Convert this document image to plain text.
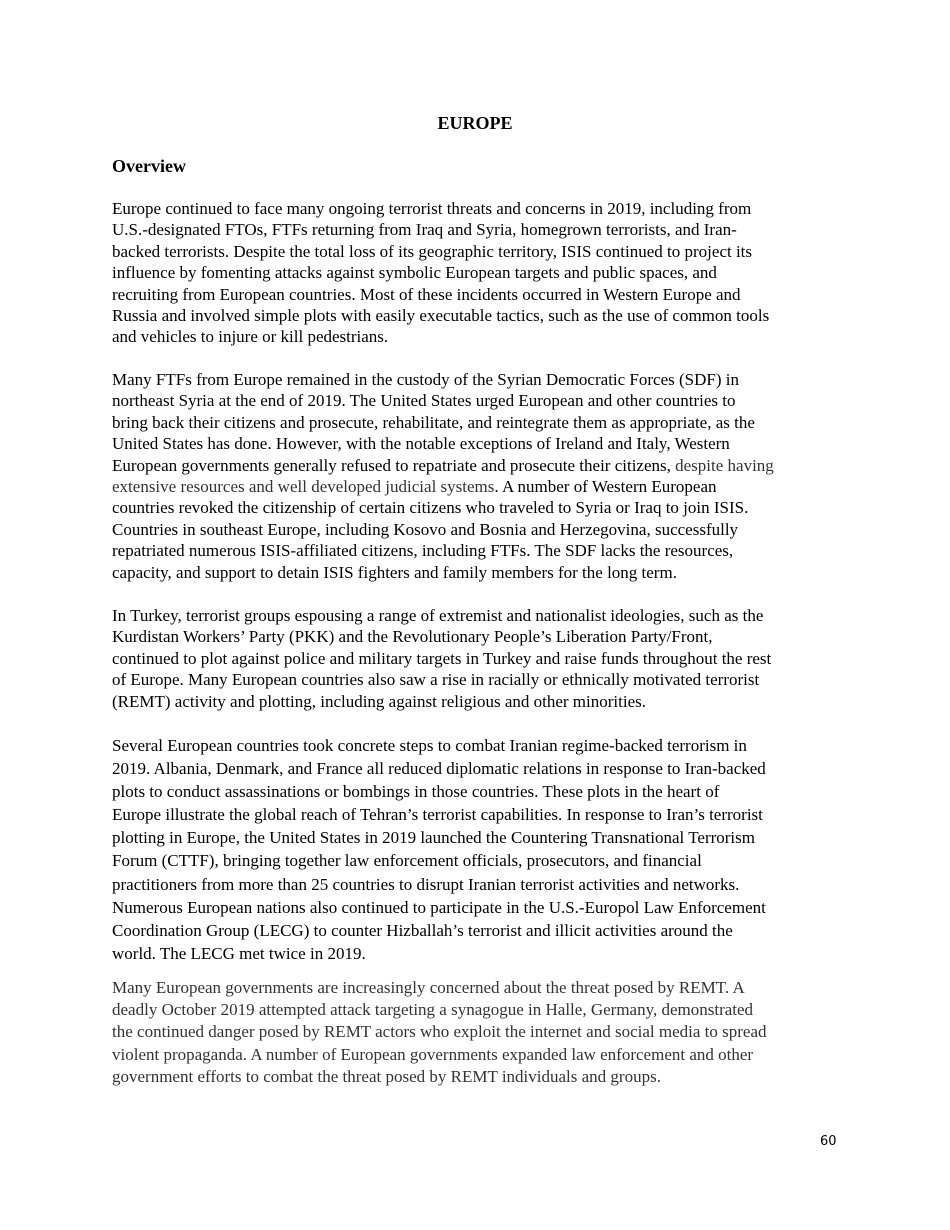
EUROPE
Overview

Europe continued to face many ongoing terrorist threats and concerns in 2019, including from
U.S.-designated FTOs, FTFs returning from Iraq and Syria, homegrown terrorists, and Iran-
backed terrorists. Despite the total loss of its geographic territory, ISIS continued to project its
influence by fomenting attacks against symbolic European targets and public spaces, and
recruiting from European countries. Most of these incidents occurred in Western Europe and
Russia and involved simple plots with easily executable tactics, such as the use of common tools
and vehicles to injure or kill pedestrians.

Many FTFs from Europe remained in the custody of the Syrian Democratic Forces (SDF) in
northeast Syria at the end of 2019. The United States urged European and other countries to
bring back their citizens and prosecute, rehabilitate, and reintegrate them as appropriate, as the
United States has done. However, with the notable exceptions of Ireland and Italy, Western
European governments generally refused to repatriate and prosecute their citizens, despite having
extensive resources and well developed judicial systems. A number of Western European
countries revoked the citizenship of certain citizens who traveled to Syria or Iraq to join ISIS.
Countries in southeast Europe, including Kosovo and Bosnia and Herzegovina, successfully
repatriated numerous ISIS-affiliated citizens, including FTFs. The SDF lacks the resources,
capacity, and support to detain ISIS fighters and family members for the long term.

In Turkey, terrorist groups espousing a range of extremist and nationalist ideologies, such as the
Kurdistan Workers’ Party (PKK) and the Revolutionary People’s Liberation Party/Front,
continued to plot against police and military targets in Turkey and raise funds throughout the rest
of Europe. Many European countries also saw a rise in racially or ethnically motivated terrorist
(REMT) activity and plotting, including against religious and other minorities.

Several European countries took concrete steps to combat Iranian regime-backed terrorism in
2019. Albania, Denmark, and France all reduced diplomatic relations in response to Iran-backed
plots to conduct assassinations or bombings in those countries. These plots in the heart of
Europe illustrate the global reach of Tehran’s terrorist capabilities. In response to Iran’s terrorist
plotting in Europe, the United States in 2019 launched the Countering Transnational Terrorism
Forum (CTTF), bringing together law enforcement officials, prosecutors, and financial
practitioners from more than 25 countries to disrupt Iranian terrorist activities and networks.
Numerous European nations also continued to participate in the U.S.-Europol Law Enforcement
Coordination Group (LECG) to counter Hizballah’s terrorist and illicit activities around the
world. The LECG met twice in 2019.

Many European governments are increasingly concerned about the threat posed by REMT. A
deadly October 2019 attempted attack targeting a synagogue in Halle, Germany, demonstrated
the continued danger posed by REMT actors who exploit the internet and social media to spread
violent propaganda. A number of European governments expanded law enforcement and other
government efforts to combat the threat posed by REMT individuals and groups.

60
